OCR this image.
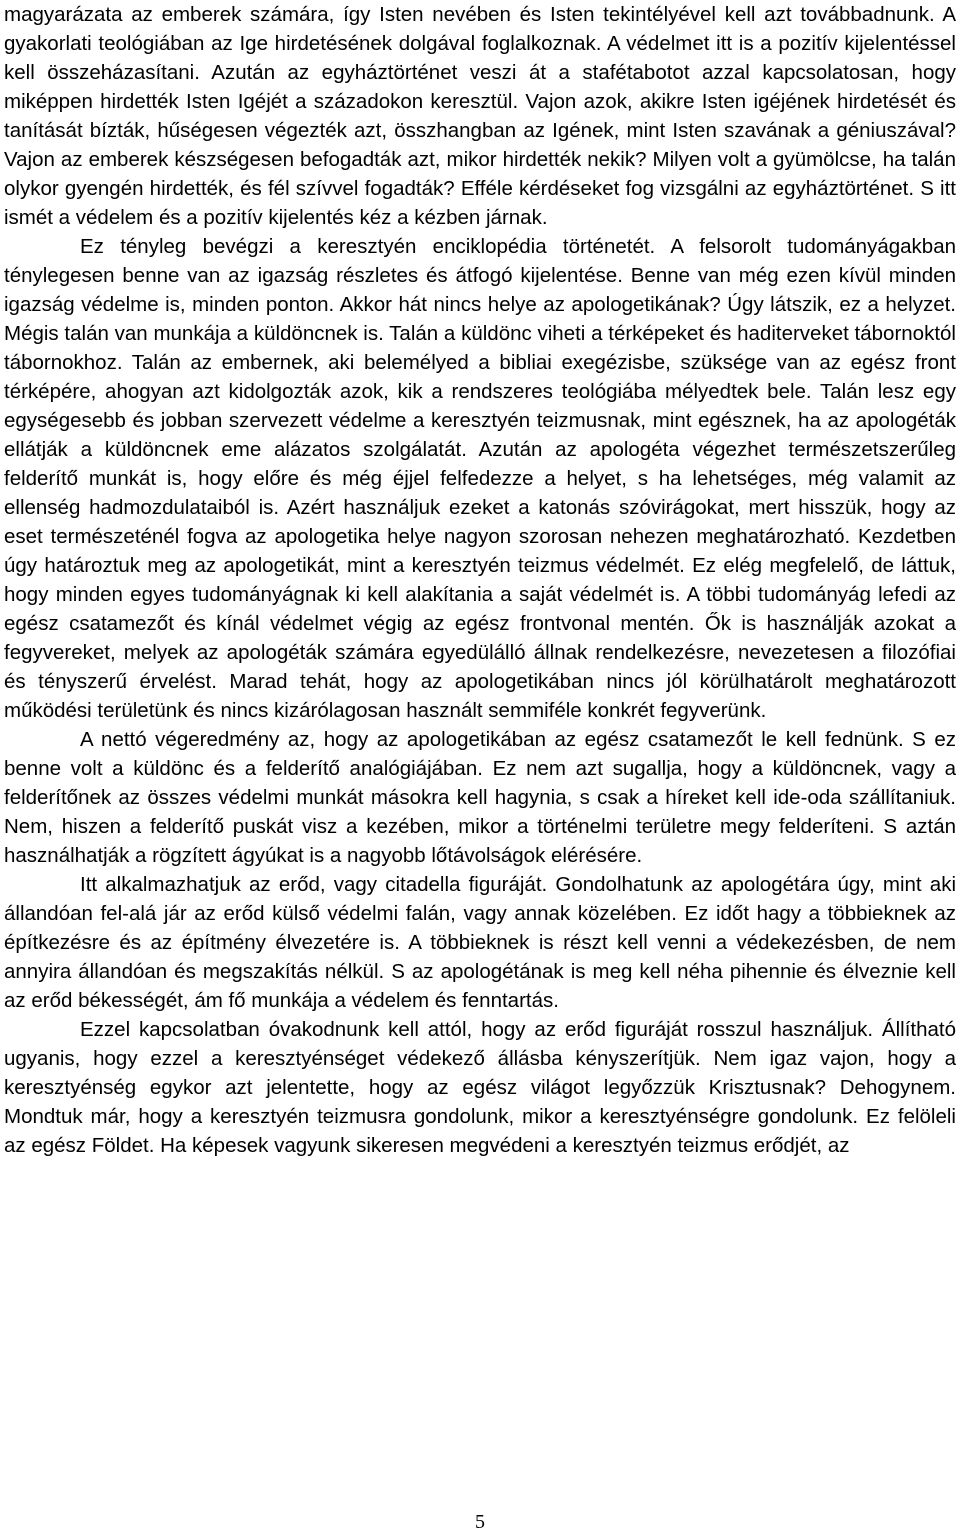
magyarázata az emberek számára, így Isten nevében és Isten tekintélyével kell azt továbbadnunk. A gyakorlati teológiában az Ige hirdetésének dolgával foglalkoznak. A védelmet itt is a pozitív kijelentéssel kell összeházasítani. Azután az egyháztörténet veszi át a stafétabotot azzal kapcsolatosan, hogy miképpen hirdették Isten Igéjét a századokon keresztül. Vajon azok, akikre Isten igéjének hirdetését és tanítását bízták, hűségesen végezték azt, összhangban az Igének, mint Isten szavának a géniuszával? Vajon az emberek készségesen befogadták azt, mikor hirdették nekik? Milyen volt a gyümölcse, ha talán olykor gyengén hirdették, és fél szívvel fogadták? Efféle kérdéseket fog vizsgálni az egyháztörténet. S itt ismét a védelem és a pozitív kijelentés kéz a kézben járnak.

Ez tényleg bevégzi a keresztyén enciklopédia történetét. A felsorolt tudományágakban ténylegesen benne van az igazság részletes és átfogó kijelentése. Benne van még ezen kívül minden igazság védelme is, minden ponton. Akkor hát nincs helye az apologetikának? Úgy látszik, ez a helyzet. Mégis talán van munkája a küldöncnek is. Talán a küldönc viheti a térképeket és haditerveket tábornoktól tábornokhoz. Talán az embernek, aki belemélyed a bibliai exegézisbe, szüksége van az egész front térképére, ahogyan azt kidolgozták azok, kik a rendszeres teológiába mélyedtek bele. Talán lesz egy egységesebb és jobban szervezett védelme a keresztyén teizmusnak, mint egésznek, ha az apologéták ellátják a küldöncnek eme alázatos szolgálatát. Azután az apologéta végezhet természetszerűleg felderítő munkát is, hogy előre és még éjjel felfedezze a helyet, s ha lehetséges, még valamit az ellenség hadmozdulataiból is. Azért használjuk ezeket a katonás szóvirágokat, mert hisszük, hogy az eset természeténél fogva az apologetika helye nagyon szorosan nehezen meghatározható. Kezdetben úgy határoztuk meg az apologetikát, mint a keresztyén teizmus védelmét. Ez elég megfelelő, de láttuk, hogy minden egyes tudományágnak ki kell alakítania a saját védelmét is. A többi tudományág lefedi az egész csatamezőt és kínál védelmet végig az egész frontvonal mentén. Ők is használják azokat a fegyvereket, melyek az apologéták számára egyedülálló állnak rendelkezésre, nevezetesen a filozófiai és tényszerű érvelést. Marad tehát, hogy az apologetikában nincs jól körülhatárolt meghatározott működési területünk és nincs kizárólagosan használt semmiféle konkrét fegyverünk.

A nettó végeredmény az, hogy az apologetikában az egész csatamezőt le kell fednünk. S ez benne volt a küldönc és a felderítő analógiájában. Ez nem azt sugallja, hogy a küldöncnek, vagy a felderítőnek az összes védelmi munkát másokra kell hagynia, s csak a híreket kell ide-oda szállítaniuk. Nem, hiszen a felderítő puskát visz a kezében, mikor a történelmi területre megy felderíteni. S aztán használhatják a rögzített ágyúkat is a nagyobb lőtávolságok elérésére.

Itt alkalmazhatjuk az erőd, vagy citadella figuráját. Gondolhatunk az apologétára úgy, mint aki állandóan fel-alá jár az erőd külső védelmi falán, vagy annak közelében. Ez időt hagy a többieknek az építkezésre és az építmény élvezetére is. A többieknek is részt kell venni a védekezésben, de nem annyira állandóan és megszakítás nélkül. S az apologétának is meg kell néha pihennie és élveznie kell az erőd békességét, ám fő munkája a védelem és fenntartás.

Ezzel kapcsolatban óvakodnunk kell attól, hogy az erőd figuráját rosszul használjuk. Állítható ugyanis, hogy ezzel a keresztyénséget védekező állásba kényszerítjük. Nem igaz vajon, hogy a keresztyénség egykor azt jelentette, hogy az egész világot legyőzzük Krisztusnak? Dehogynem. Mondtuk már, hogy a keresztyén teizmusra gondolunk, mikor a keresztyénségre gondolunk. Ez felöleli az egész Földet. Ha képesek vagyunk sikeresen megvédeni a keresztyén teizmus erődjét, az

5
